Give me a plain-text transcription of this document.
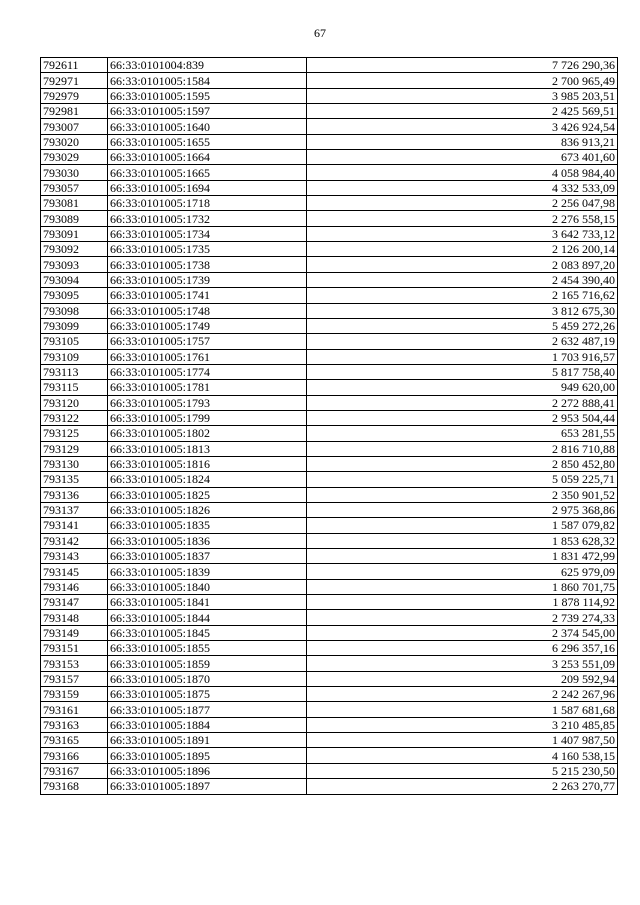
67
792611	66:33:0101004:839	7 726 290,36
792971	66:33:0101005:1584	2 700 965,49
792979	66:33:0101005:1595	3 985 203,51
792981	66:33:0101005:1597	2 425 569,51
793007	66:33:0101005:1640	3 426 924,54
793020	66:33:0101005:1655	836 913,21
793029	66:33:0101005:1664	673 401,60
793030	66:33:0101005:1665	4 058 984,40
793057	66:33:0101005:1694	4 332 533,09
793081	66:33:0101005:1718	2 256 047,98
793089	66:33:0101005:1732	2 276 558,15
793091	66:33:0101005:1734	3 642 733,12
793092	66:33:0101005:1735	2 126 200,14
793093	66:33:0101005:1738	2 083 897,20
793094	66:33:0101005:1739	2 454 390,40
793095	66:33:0101005:1741	2 165 716,62
793098	66:33:0101005:1748	3 812 675,30
793099	66:33:0101005:1749	5 459 272,26
793105	66:33:0101005:1757	2 632 487,19
793109	66:33:0101005:1761	1 703 916,57
793113	66:33:0101005:1774	5 817 758,40
793115	66:33:0101005:1781	949 620,00
793120	66:33:0101005:1793	2 272 888,41
793122	66:33:0101005:1799	2 953 504,44
793125	66:33:0101005:1802	653 281,55
793129	66:33:0101005:1813	2 816 710,88
793130	66:33:0101005:1816	2 850 452,80
793135	66:33:0101005:1824	5 059 225,71
793136	66:33:0101005:1825	2 350 901,52
793137	66:33:0101005:1826	2 975 368,86
793141	66:33:0101005:1835	1 587 079,82
793142	66:33:0101005:1836	1 853 628,32
793143	66:33:0101005:1837	1 831 472,99
793145	66:33:0101005:1839	625 979,09
793146	66:33:0101005:1840	1 860 701,75
793147	66:33:0101005:1841	1 878 114,92
793148	66:33:0101005:1844	2 739 274,33
793149	66:33:0101005:1845	2 374 545,00
793151	66:33:0101005:1855	6 296 357,16
793153	66:33:0101005:1859	3 253 551,09
793157	66:33:0101005:1870	209 592,94
793159	66:33:0101005:1875	2 242 267,96
793161	66:33:0101005:1877	1 587 681,68
793163	66:33:0101005:1884	3 210 485,85
793165	66:33:0101005:1891	1 407 987,50
793166	66:33:0101005:1895	4 160 538,15
793167	66:33:0101005:1896	5 215 230,50
793168	66:33:0101005:1897	2 263 270,77
